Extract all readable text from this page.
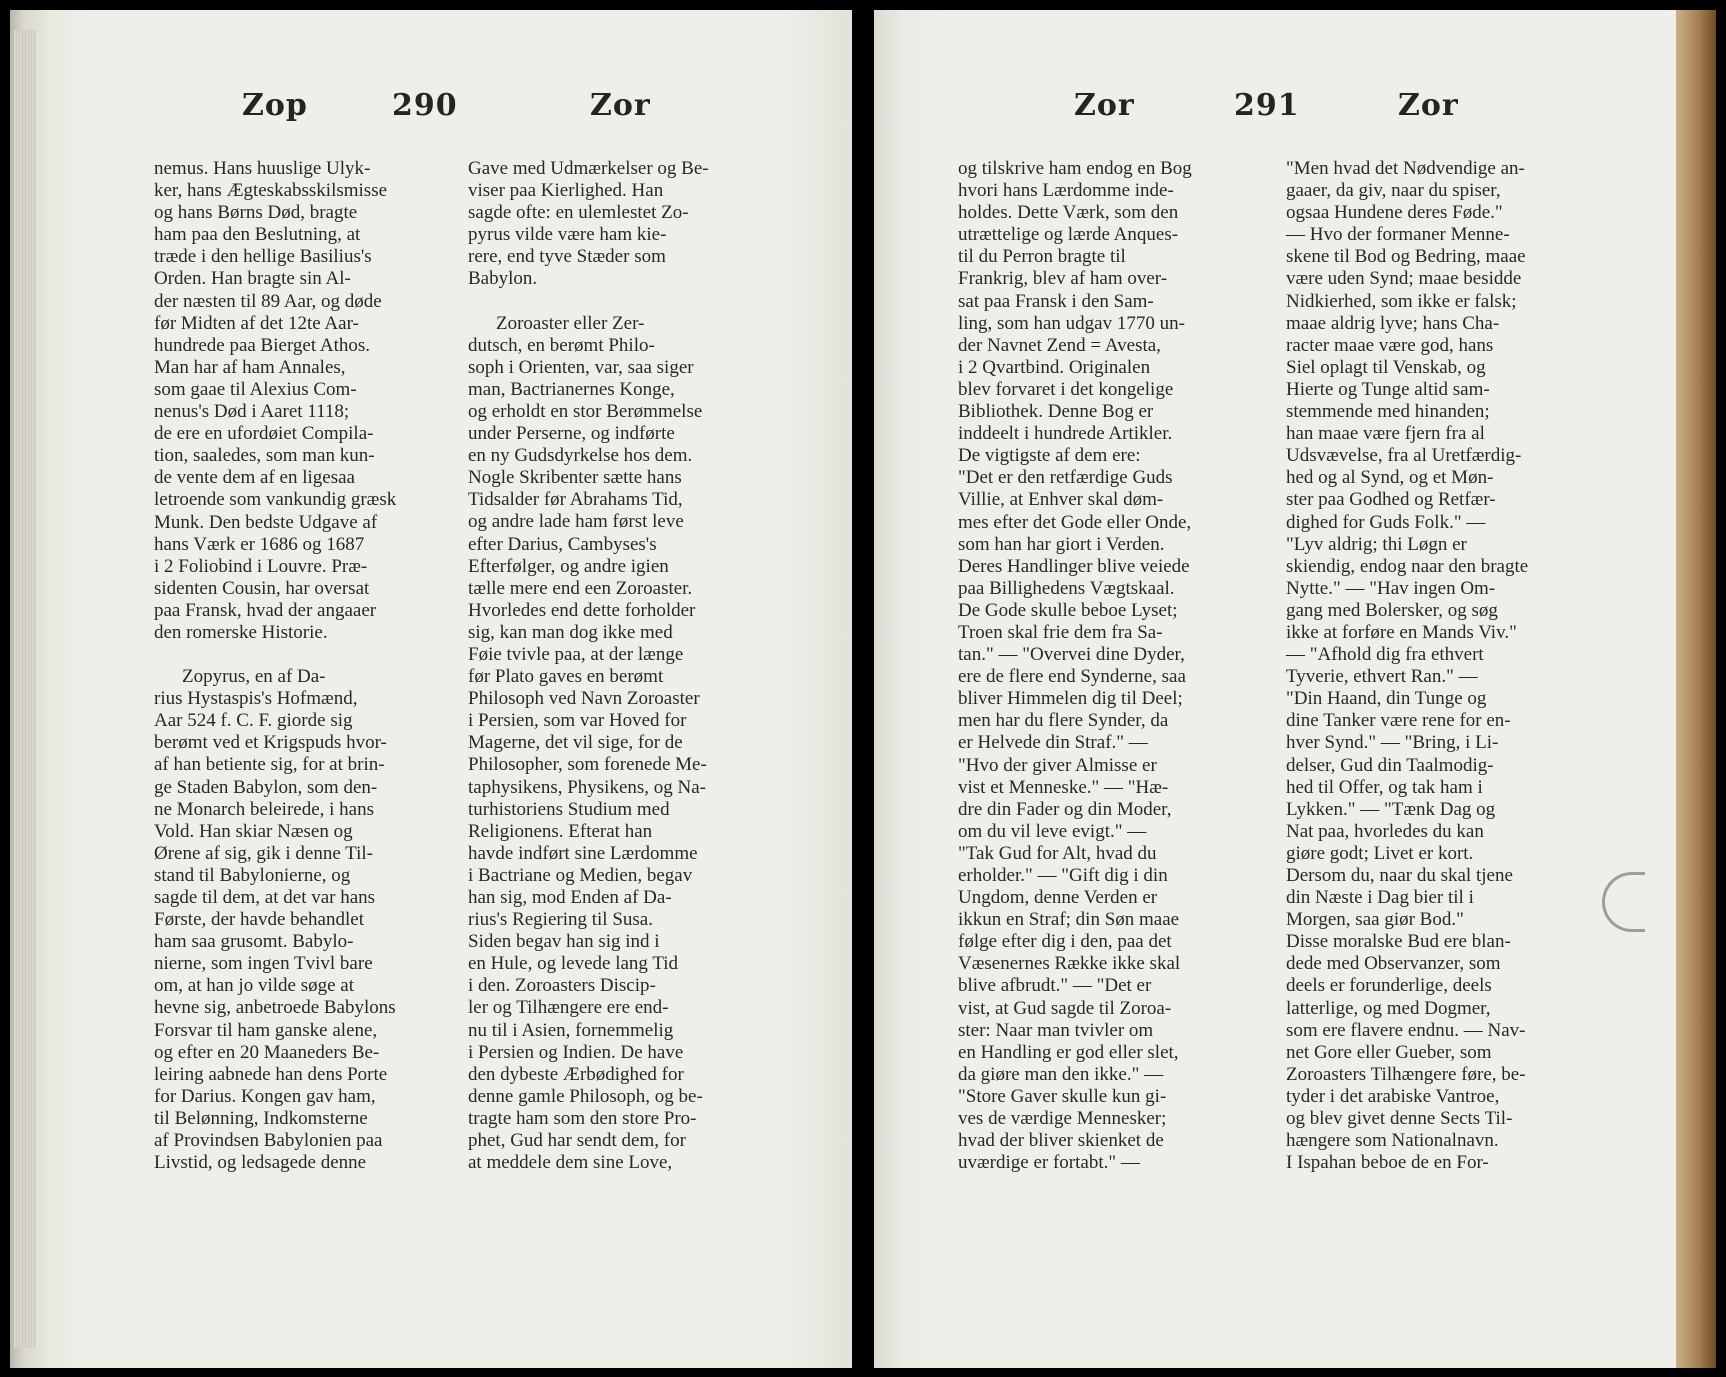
Zop	290	Zor

nemus. Hans huuslige Ulyk-

ker, hans Ægteskabsskilsmisse

og hans Børns Død, bragte

ham paa den Beslutning, at

træde i den hellige Basilius's

Orden. Han bragte sin Al-

der næsten til 89 Aar, og døde

før Midten af det 12te Aar-

hundrede paa Bierget Athos.

Man har af ham Annales,

som gaae til Alexius Com-

nenus's Død i Aaret 1118;

de ere en ufordøiet Compila-

tion, saaledes, som man kun-

de vente dem af en ligesaa

letroende som vankundig græsk

Munk. Den bedste Udgave af

hans Værk er 1686 og 1687

i 2 Foliobind i Louvre. Præ-

sidenten Cousin, har oversat

paa Fransk, hvad der angaaer

den romerske Historie.

Zopyrus, en af Da-

rius Hystaspis's Hofmænd,

Aar 524 f. C. F. giorde sig

berømt ved et Krigspuds hvor-

af han betiente sig, for at brin-

ge Staden Babylon, som den-

ne Monarch beleirede, i hans

Vold. Han skiar Næsen og

Ørene af sig, gik i denne Til-

stand til Babylonierne, og

sagde til dem, at det var hans

Første, der havde behandlet

ham saa grusomt. Babylo-

nierne, som ingen Tvivl bare

om, at han jo vilde søge at

hevne sig, anbetroede Babylons

Forsvar til ham ganske alene,

og efter en 20 Maaneders Be-

leiring aabnede han dens Porte

for Darius. Kongen gav ham,

til Belønning, Indkomsterne

af Provindsen Babylonien paa

Livstid, og ledsagede denne

Gave med Udmærkelser og Be-

viser paa Kierlighed. Han

sagde ofte: en ulemlestet Zo-

pyrus vilde være ham kie-

rere, end tyve Stæder som

Babylon.

Zoroaster eller Zer-

dutsch, en berømt Philo-

soph i Orienten, var, saa siger

man, Bactrianernes Konge,

og erholdt en stor Berømmelse

under Perserne, og indførte

en ny Gudsdyrkelse hos dem.

Nogle Skribenter sætte hans

Tidsalder før Abrahams Tid,

og andre lade ham først leve

efter Darius, Cambyses's

Efterfølger, og andre igien

tælle mere end een Zoroaster.

Hvorledes end dette forholder

sig, kan man dog ikke med

Føie tvivle paa, at der længe

før Plato gaves en berømt

Philosoph ved Navn Zoroaster

i Persien, som var Hoved for

Magerne, det vil sige, for de

Philosopher, som forenede Me-

taphysikens, Physikens, og Na-

turhistoriens Studium med

Religionens. Efterat han

havde indført sine Lærdomme

i Bactriane og Medien, begav

han sig, mod Enden af Da-

rius's Regiering til Susa.

Siden begav han sig ind i

en Hule, og levede lang Tid

i den. Zoroasters Discip-

ler og Tilhængere ere end-

nu til i Asien, fornemmelig

i Persien og Indien. De have

den dybeste Ærbødighed for

denne gamle Philosoph, og be-

tragte ham som den store Pro-

phet, Gud har sendt dem, for

at meddele dem sine Love,

Zor	291	Zor

og tilskrive ham endog en Bog

hvori hans Lærdomme inde-

holdes. Dette Værk, som den

utrættelige og lærde Anques-

til du Perron bragte til

Frankrig, blev af ham over-

sat paa Fransk i den Sam-

ling, som han udgav 1770 un-

der Navnet Zend = Avesta,

i 2 Qvartbind. Originalen

blev forvaret i det kongelige

Bibliothek. Denne Bog er

inddeelt i hundrede Artikler.

De vigtigste af dem ere:

"Det er den retfærdige Guds

Villie, at Enhver skal døm-

mes efter det Gode eller Onde,

som han har giort i Verden.

Deres Handlinger blive veiede

paa Billighedens Vægtskaal.

De Gode skulle beboe Lyset;

Troen skal frie dem fra Sa-

tan." — "Overvei dine Dyder,

ere de flere end Synderne, saa

bliver Himmelen dig til Deel;

men har du flere Synder, da

er Helvede din Straf." —

"Hvo der giver Almisse er

vist et Menneske." — "Hæ-

dre din Fader og din Moder,

om du vil leve evigt." —

"Tak Gud for Alt, hvad du

erholder." — "Gift dig i din

Ungdom, denne Verden er

ikkun en Straf; din Søn maae

følge efter dig i den, paa det

Væsenernes Række ikke skal

blive afbrudt." — "Det er

vist, at Gud sagde til Zoroa-

ster: Naar man tvivler om

en Handling er god eller slet,

da giøre man den ikke." —

"Store Gaver skulle kun gi-

ves de værdige Mennesker;

hvad der bliver skienket de

uværdige er fortabt." —

"Men hvad det Nødvendige an-

gaaer, da giv, naar du spiser,

ogsaa Hundene deres Føde."

— Hvo der formaner Menne-

skene til Bod og Bedring, maae

være uden Synd; maae besidde

Nidkierhed, som ikke er falsk;

maae aldrig lyve; hans Cha-

racter maae være god, hans

Siel oplagt til Venskab, og

Hierte og Tunge altid sam-

stemmende med hinanden;

han maae være fjern fra al

Udsvævelse, fra al Uretfærdig-

hed og al Synd, og et Møn-

ster paa Godhed og Retfær-

dighed for Guds Folk." —

"Lyv aldrig; thi Løgn er

skiendig, endog naar den bragte

Nytte." — "Hav ingen Om-

gang med Bolersker, og søg

ikke at forføre en Mands Viv."

— "Afhold dig fra ethvert

Tyverie, ethvert Ran." —

"Din Haand, din Tunge og

dine Tanker være rene for en-

hver Synd." — "Bring, i Li-

delser, Gud din Taalmodig-

hed til Offer, og tak ham i

Lykken." — "Tænk Dag og

Nat paa, hvorledes du kan

giøre godt; Livet er kort.

Dersom du, naar du skal tjene

din Næste i Dag bier til i

Morgen, saa giør Bod."

Disse moralske Bud ere blan-

dede med Observanzer, som

deels er forunderlige, deels

latterlige, og med Dogmer,

som ere flavere endnu. — Nav-

net Gore eller Gueber, som

Zoroasters Tilhængere føre, be-

tyder i det arabiske Vantroe,

og blev givet denne Sects Til-

hængere som Nationalnavn.

I Ispahan beboe de en For-
